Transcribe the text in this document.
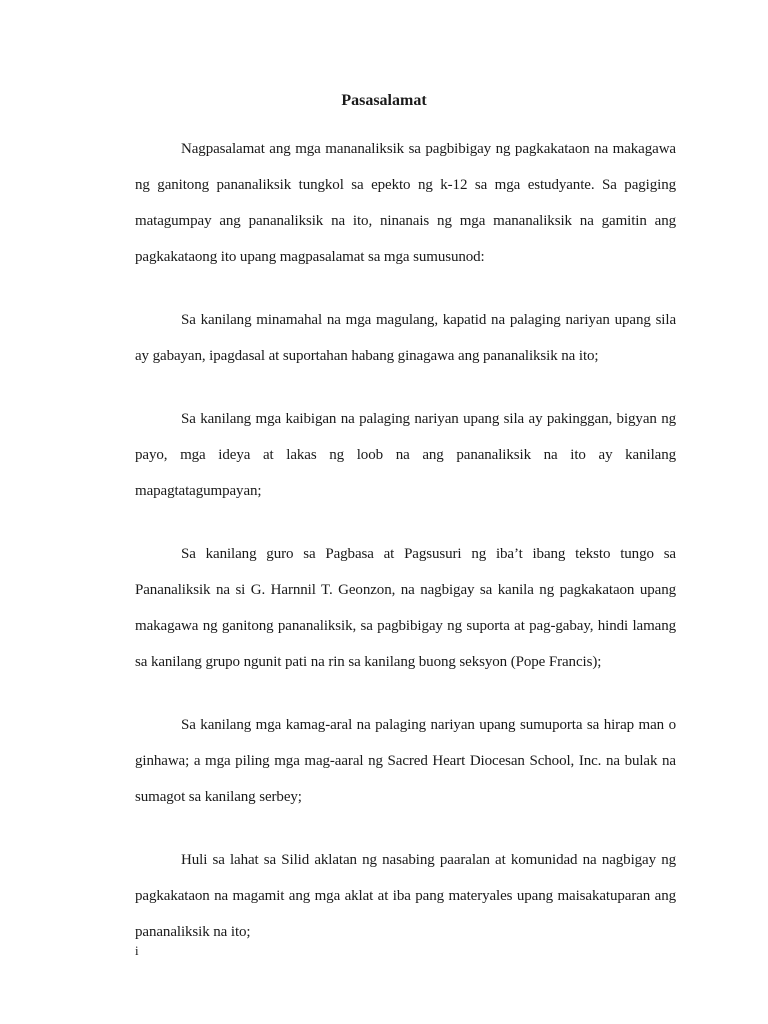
Pasasalamat

Nagpasalamat ang mga mananaliksik sa pagbibigay ng pagkakataon na makagawa ng ganitong pananaliksik tungkol sa epekto ng k-12 sa mga estudyante. Sa pagiging matagumpay ang pananaliksik na ito, ninanais ng mga mananaliksik na gamitin ang pagkakataong ito upang magpasalamat sa mga sumusunod:

Sa kanilang minamahal na mga magulang, kapatid na palaging nariyan upang sila ay gabayan, ipagdasal at suportahan habang ginagawa ang pananaliksik na ito;

Sa kanilang mga kaibigan na palaging nariyan upang sila ay pakinggan, bigyan ng payo, mga ideya at lakas ng loob na ang pananaliksik na ito ay kanilang mapagtatagumpayan;

Sa kanilang guro sa Pagbasa at Pagsusuri ng iba’t ibang teksto tungo sa Pananaliksik na si G. Harnnil T. Geonzon, na nagbigay sa kanila ng pagkakataon upang makagawa ng ganitong pananaliksik, sa pagbibigay ng suporta at pag-gabay, hindi lamang sa kanilang grupo ngunit pati na rin sa kanilang buong seksyon (Pope Francis);

Sa kanilang mga kamag-aral na palaging nariyan upang sumuporta sa hirap man o ginhawa; a mga piling mga mag-aaral ng Sacred Heart Diocesan School, Inc. na bulak na sumagot sa kanilang serbey;

Huli sa lahat sa Silid aklatan ng nasabing paaralan at komunidad na nagbigay ng pagkakataon na magamit ang mga aklat at iba pang materyales upang maisakatuparan ang pananaliksik na ito;

i
